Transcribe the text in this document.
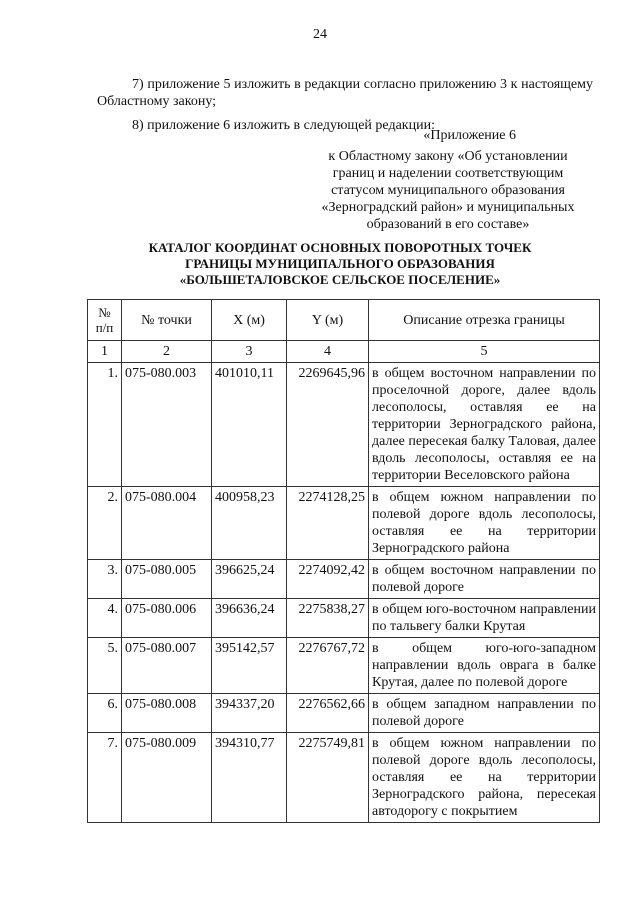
24

7) приложение 5 изложить в редакции согласно приложению 3 к настоящему Областному закону;

8) приложение 6 изложить в следующей редакции:

«Приложение 6
к Областному закону «Об установлении
границ и наделении соответствующим
статусом муниципального образования
«Зерноградский район» и муниципальных
образований в его составе»
КАТАЛОГ КООРДИНАТ ОСНОВНЫХ ПОВОРОТНЫХ ТОЧЕК
ГРАНИЦЫ МУНИЦИПАЛЬНОГО ОБРАЗОВАНИЯ
«БОЛЬШЕТАЛОВСКОЕ СЕЛЬСКОЕ ПОСЕЛЕНИЕ»
№
п/п	№ точки	X (м)	Y (м)	Описание отрезка границы
1	2	3	4	5
1.	075-080.003	401010,11	2269645,96	в общем восточном направлении по проселочной дороге, далее вдоль лесополосы, оставляя ее на территории Зерноградского района, далее пересекая балку Таловая, далее вдоль лесополосы, оставляя ее на территории Веселовского района
2.	075-080.004	400958,23	2274128,25	в общем южном направлении по полевой дороге вдоль лесополосы, оставляя ее на территории Зерноградского района
3.	075-080.005	396625,24	2274092,42	в общем восточном направлении по полевой дороге
4.	075-080.006	396636,24	2275838,27	в общем юго-восточном направлении по тальвегу балки Крутая
5.	075-080.007	395142,57	2276767,72	в общем юго-юго-западном направлении вдоль оврага в балке Крутая, далее по полевой дороге
6.	075-080.008	394337,20	2276562,66	в общем западном направлении по полевой дороге
7.	075-080.009	394310,77	2275749,81	в общем южном направлении по полевой дороге вдоль лесополосы, оставляя ее на территории Зерноградского района, пересекая автодорогу с покрытием
